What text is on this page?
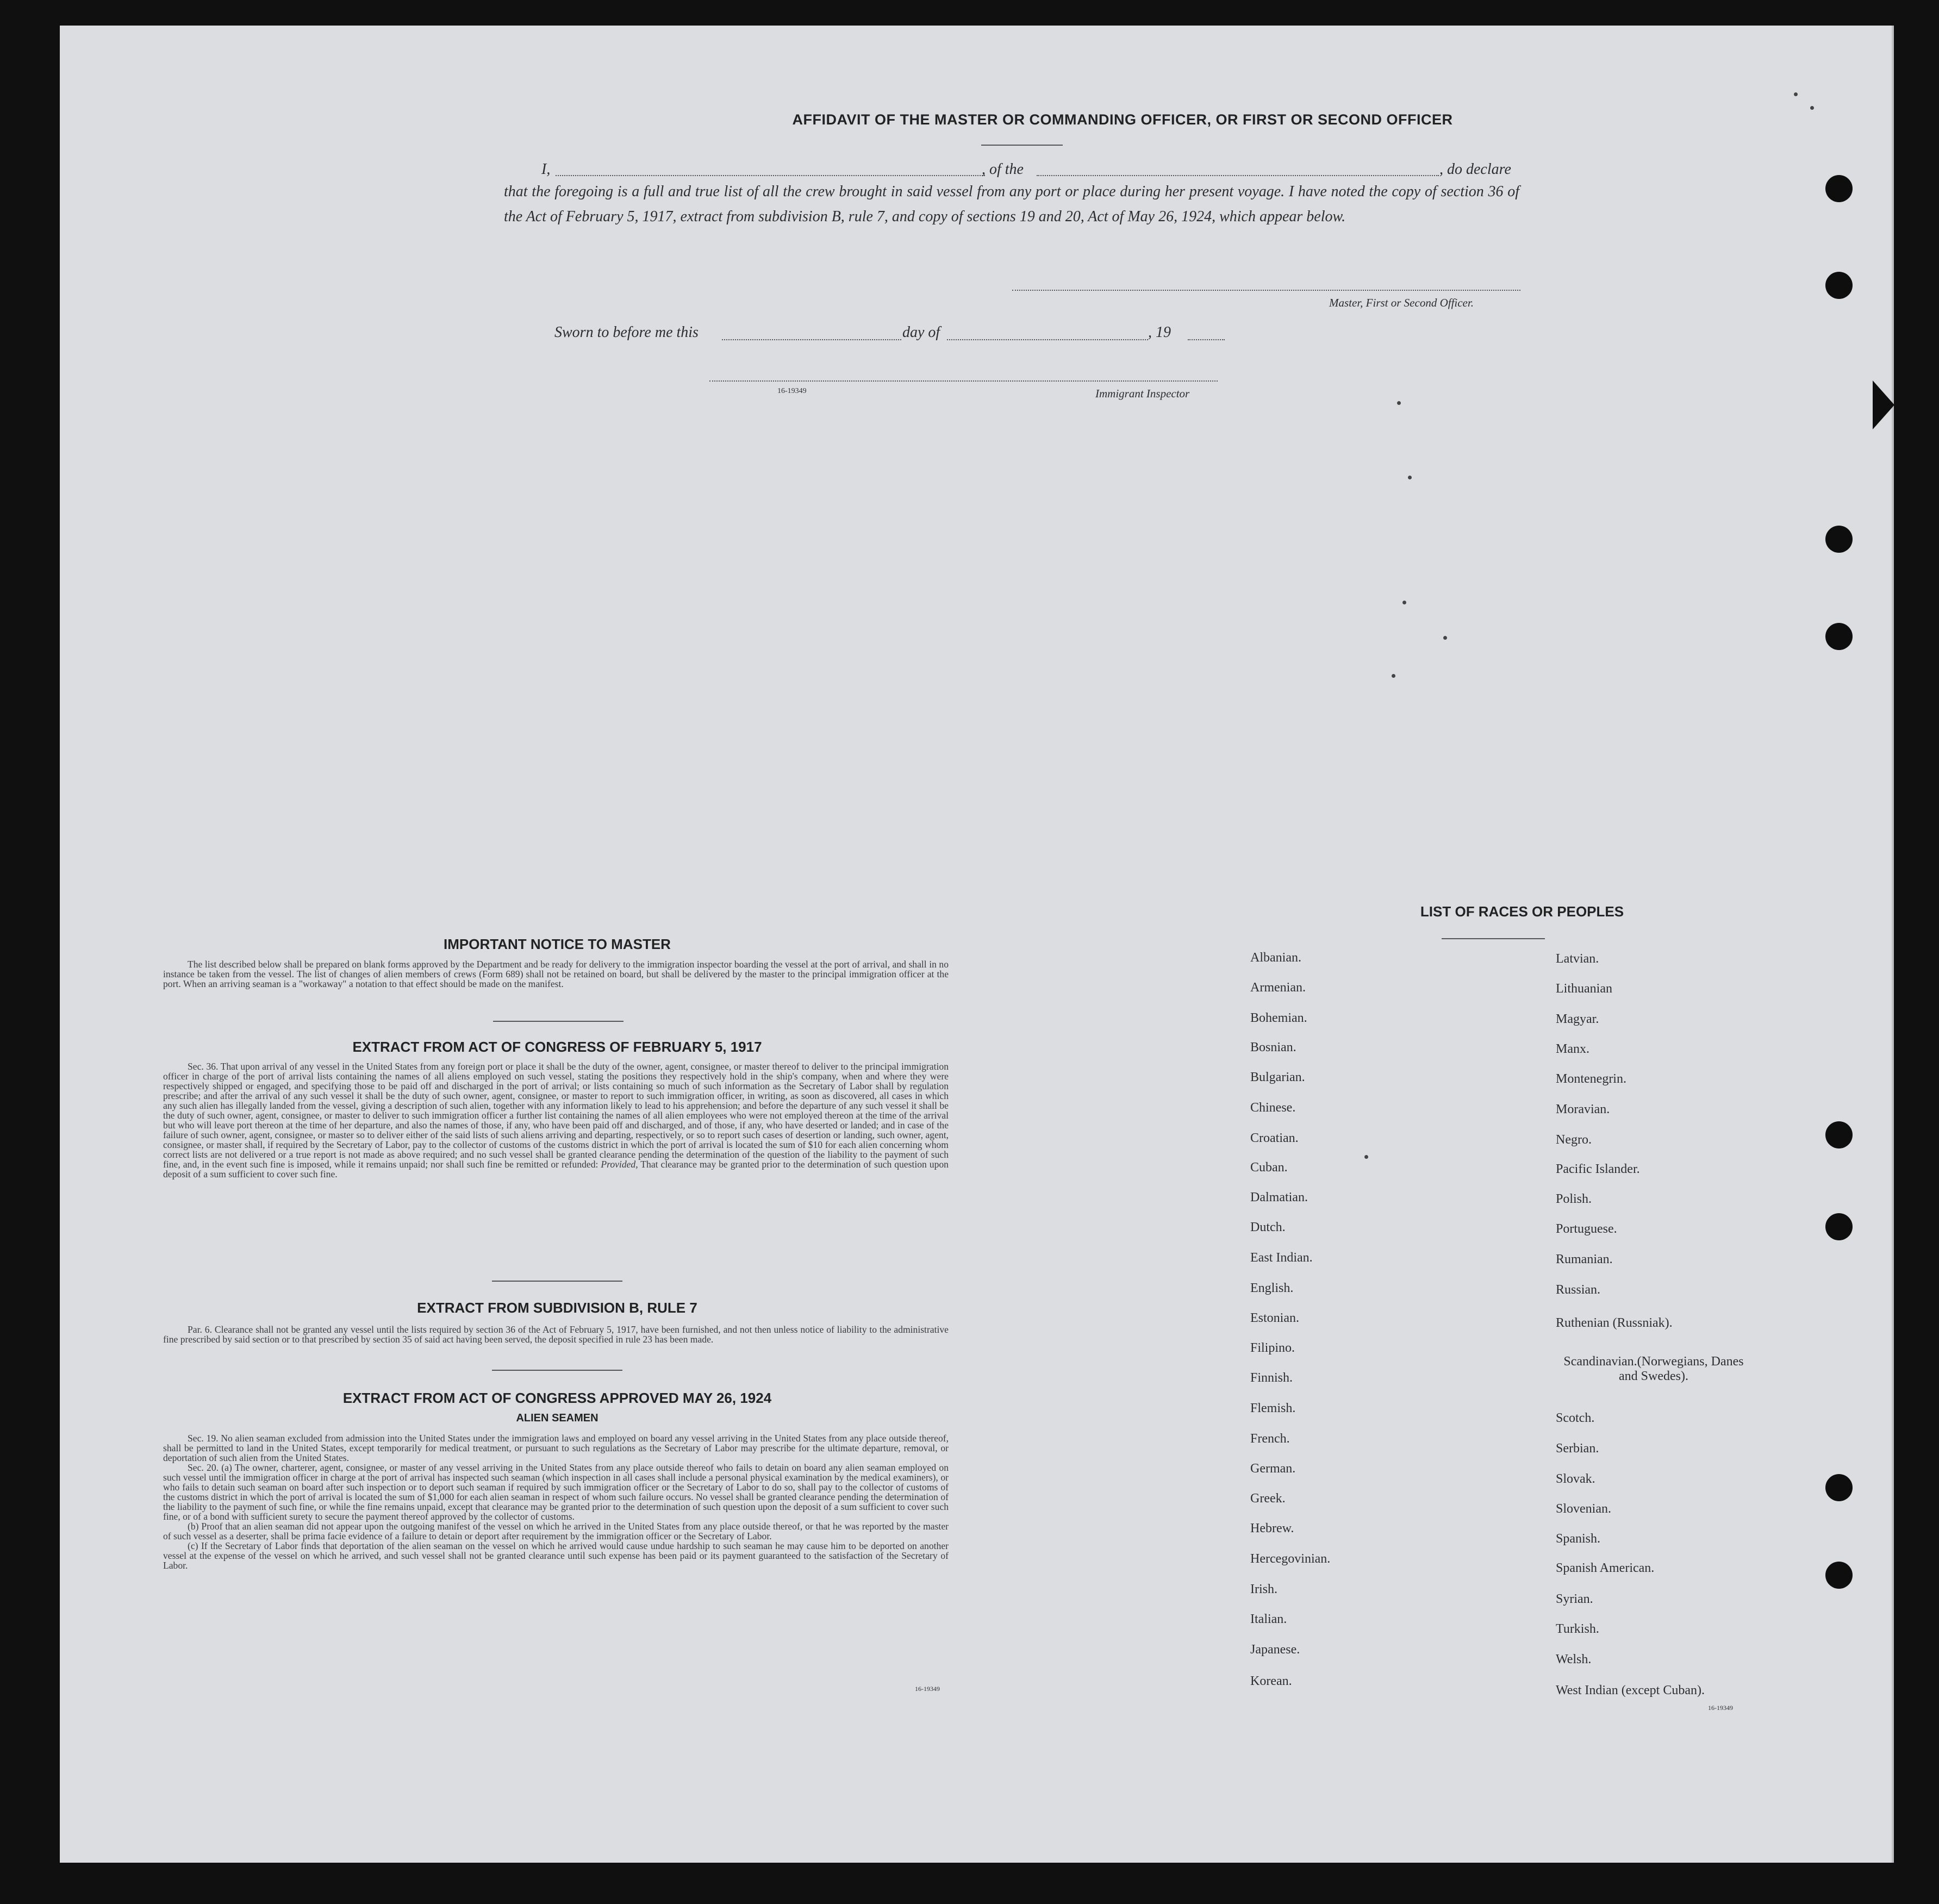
AFFIDAVIT OF THE MASTER OR COMMANDING OFFICER, OR FIRST OR SECOND OFFICER
I,	, of the	, do declare
that the foregoing is a full and true list of all the crew brought in said vessel from any port or place during her present voyage. I have noted the copy of section 36 of the Act of February 5, 1917, extract from subdivision B, rule 7, and copy of sections 19 and 20, Act of May 26, 1924, which appear below.
Master, First or Second Officer.
Sworn to before me this	day of	, 19
16-19349	Immigrant Inspector
IMPORTANT NOTICE TO MASTER

The list described below shall be prepared on blank forms approved by the Department and be ready for delivery to the immigration inspector boarding the vessel at the port of arrival, and shall in no instance be taken from the vessel. The list of changes of alien members of crews (Form 689) shall not be retained on board, but shall be delivered by the master to the principal immigration officer at the port. When an arriving seaman is a "workaway" a notation to that effect should be made on the manifest.

EXTRACT FROM ACT OF CONGRESS OF FEBRUARY 5, 1917

Sec. 36. That upon arrival of any vessel in the United States from any foreign port or place it shall be the duty of the owner, agent, consignee, or master thereof to deliver to the principal immigration officer in charge of the port of arrival lists containing the names of all aliens employed on such vessel, stating the positions they respectively hold in the ship's company, when and where they were respectively shipped or engaged, and specifying those to be paid off and discharged in the port of arrival; or lists containing so much of such information as the Secretary of Labor shall by regulation prescribe; and after the arrival of any such vessel it shall be the duty of such owner, agent, consignee, or master to report to such immigration officer, in writing, as soon as discovered, all cases in which any such alien has illegally landed from the vessel, giving a description of such alien, together with any information likely to lead to his apprehension; and before the departure of any such vessel it shall be the duty of such owner, agent, consignee, or master to deliver to such immigration officer a further list containing the names of all alien employees who were not employed thereon at the time of the arrival but who will leave port thereon at the time of her departure, and also the names of those, if any, who have been paid off and discharged, and of those, if any, who have deserted or landed; and in case of the failure of such owner, agent, consignee, or master so to deliver either of the said lists of such aliens arriving and departing, respectively, or so to report such cases of desertion or landing, such owner, agent, consignee, or master shall, if required by the Secretary of Labor, pay to the collector of customs of the customs district in which the port of arrival is located the sum of $10 for each alien concerning whom correct lists are not delivered or a true report is not made as above required; and no such vessel shall be granted clearance pending the determination of the question of the liability to the payment of such fine, and, in the event such fine is imposed, while it remains unpaid; nor shall such fine be remitted or refunded: Provided, That clearance may be granted prior to the determination of such question upon deposit of a sum sufficient to cover such fine.

EXTRACT FROM SUBDIVISION B, RULE 7

Par. 6. Clearance shall not be granted any vessel until the lists required by section 36 of the Act of February 5, 1917, have been furnished, and not then unless notice of liability to the administrative fine prescribed by said section or to that prescribed by section 35 of said act having been served, the deposit specified in rule 23 has been made.

EXTRACT FROM ACT OF CONGRESS APPROVED MAY 26, 1924
ALIEN SEAMEN

Sec. 19. No alien seaman excluded from admission into the United States under the immigration laws and employed on board any vessel arriving in the United States from any place outside thereof, shall be permitted to land in the United States, except temporarily for medical treatment, or pursuant to such regulations as the Secretary of Labor may prescribe for the ultimate departure, removal, or deportation of such alien from the United States.

Sec. 20. (a) The owner, charterer, agent, consignee, or master of any vessel arriving in the United States from any place outside thereof who fails to detain on board any alien seaman employed on such vessel until the immigration officer in charge at the port of arrival has inspected such seaman (which inspection in all cases shall include a personal physical examination by the medical examiners), or who fails to detain such seaman on board after such inspection or to deport such seaman if required by such immigration officer or the Secretary of Labor to do so, shall pay to the collector of customs of the customs district in which the port of arrival is located the sum of $1,000 for each alien seaman in respect of whom such failure occurs. No vessel shall be granted clearance pending the determination of the liability to the payment of such fine, or while the fine remains unpaid, except that clearance may be granted prior to the determination of such question upon the deposit of a sum sufficient to cover such fine, or of a bond with sufficient surety to secure the payment thereof approved by the collector of customs.

(b) Proof that an alien seaman did not appear upon the outgoing manifest of the vessel on which he arrived in the United States from any place outside thereof, or that he was reported by the master of such vessel as a deserter, shall be prima facie evidence of a failure to detain or deport after requirement by the immigration officer or the Secretary of Labor.

(c) If the Secretary of Labor finds that deportation of the alien seaman on the vessel on which he arrived would cause undue hardship to such seaman he may cause him to be deported on another vessel at the expense of the vessel on which he arrived, and such vessel shall not be granted clearance until such expense has been paid or its payment guaranteed to the satisfaction of the Secretary of Labor.

16-19349
LIST OF RACES OR PEOPLES
Albanian.
Armenian.
Bohemian.
Bosnian.
Bulgarian.
Chinese.
Croatian.
Cuban.
Dalmatian.
Dutch.
East Indian.
English.
Estonian.
Filipino.
Finnish.
Flemish.
French.
German.
Greek.
Hebrew.
Hercegovinian.
Irish.
Italian.
Japanese.
Korean.
Latvian.
Lithuanian
Magyar.
Manx.
Montenegrin.
Moravian.
Negro.
Pacific Islander.
Polish.
Portuguese.
Rumanian.
Russian.
Ruthenian (Russniak).
Scandinavian.(Norwegians, Danes and Swedes).
Scotch.
Serbian.
Slovak.
Slovenian.
Spanish.
Spanish American.
Syrian.
Turkish.
Welsh.
West Indian (except Cuban).
16-19349
